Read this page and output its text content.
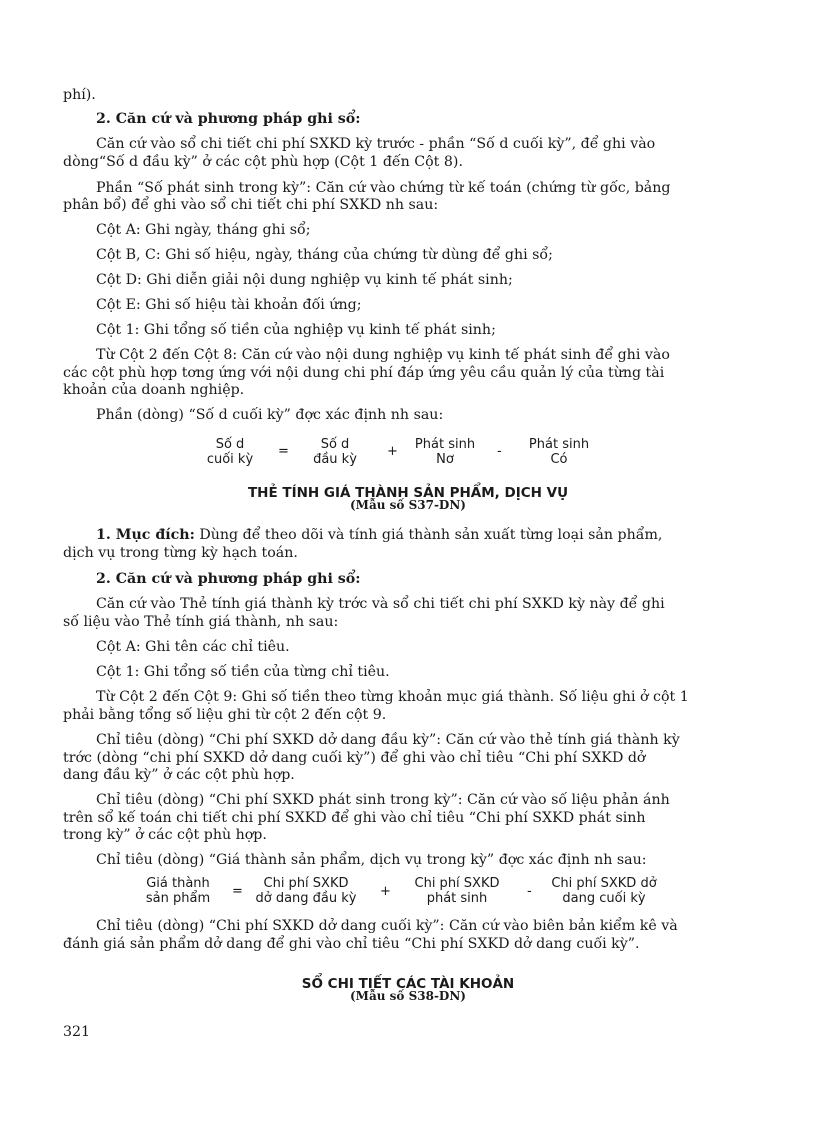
phí).
2. Căn cứ và phương pháp ghi sổ:
Căn cứ vào sổ chi tiết chi phí SXKD kỳ trước - phần “Số d cuối kỳ”, để ghi vào
dòng“Số d đầu kỳ” ở các cột phù hợp (Cột 1 đến Cột 8).
Phần “Số phát sinh trong kỳ”: Căn cứ vào chứng từ kế toán (chứng từ gốc, bảng
phân bổ) để ghi vào sổ chi tiết chi phí SXKD nh sau:
Cột A: Ghi ngày, tháng ghi sổ;
Cột B, C: Ghi số hiệu, ngày, tháng của chứng từ dùng để ghi sổ;
Cột D: Ghi diễn giải nội dung nghiệp vụ kinh tế phát sinh;
Cột E: Ghi số hiệu tài khoản đối ứng;
Cột 1: Ghi tổng số tiền của nghiệp vụ kinh tế phát sinh;
Từ Cột 2 đến Cột 8: Căn cứ vào nội dung nghiệp vụ kinh tế phát sinh để ghi vào
các cột phù hợp tơng ứng với nội dung chi phí đáp ứng yêu cầu quản lý của từng tài
khoản của doanh nghiệp.
Phần (dòng) “Số d cuối kỳ” đợc xác định nh sau:
Số d
cuối kỳ
=	Số d
đầu kỳ
+	Phát sinh
Nơ
-	Phát sinh
Có
THẺ TÍNH GIÁ THÀNH SẢN PHẨM, DỊCH VỤ
(Mẫu số S37-DN)
1. Mục đích: Dùng để theo dõi và tính giá thành sản xuất từng loại sản phẩm,
dịch vụ trong từng kỳ hạch toán.
2. Căn cứ và phương pháp ghi sổ:
Căn cứ vào Thẻ tính giá thành kỳ trớc và sổ chi tiết chi phí SXKD kỳ này để ghi
số liệu vào Thẻ tính giá thành, nh sau:
Cột A: Ghi tên các chỉ tiêu.
Cột 1: Ghi tổng số tiền của từng chỉ tiêu.
Từ Cột 2 đến Cột 9: Ghi số tiền theo từng khoản mục giá thành. Số liệu ghi ở cột 1
phải bằng tổng số liệu ghi từ cột 2 đến cột 9.
Chỉ tiêu (dòng) “Chi phí SXKD dở dang đầu kỳ”: Căn cứ vào thẻ tính giá thành kỳ
trớc (dòng “chi phí SXKD dở dang cuối kỳ”) để ghi vào chỉ tiêu “Chi phí SXKD dở
dang đầu kỳ” ở các cột phù hợp.
Chỉ tiêu (dòng) “Chi phí SXKD phát sinh trong kỳ”: Căn cứ vào số liệu phản ánh
trên sổ kế toán chi tiết chi phí SXKD để ghi vào chỉ tiêu “Chi phí SXKD phát sinh
trong kỳ” ở các cột phù hợp.
Chỉ tiêu (dòng) “Giá thành sản phẩm, dịch vụ trong kỳ” đợc xác định nh sau:
Giá thành
sản phẩm	=
Chi phí SXKD
dở dang đầu kỳ	+
Chi phí SXKD
phát sinh	-
Chi phí SXKD dở
dang cuối kỳ
Chỉ tiêu (dòng) “Chi phí SXKD dở dang cuối kỳ”: Căn cứ vào biên bản kiểm kê và
đánh giá sản phẩm dở dang để ghi vào chỉ tiêu “Chi phí SXKD dở dang cuối kỳ”.
SỔ CHI TIẾT CÁC TÀI KHOẢN
(Mẫu số S38-DN)
321
